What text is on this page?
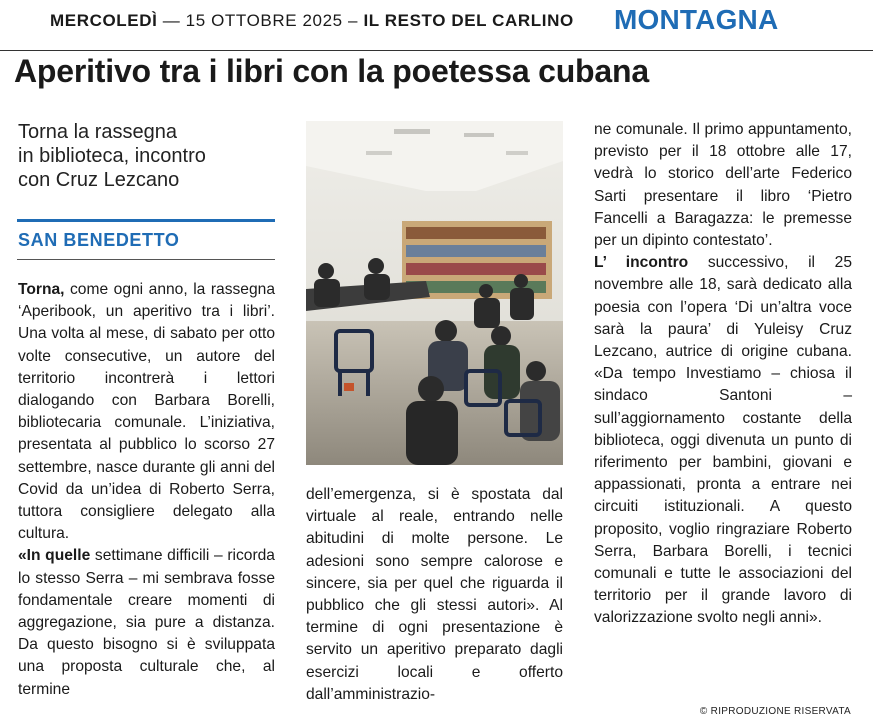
MERCOLEDÌ — 15 OTTOBRE 2025 – IL RESTO DEL CARLINO MONTAGNA
Aperitivo tra i libri con la poetessa cubana
Torna la rassegna
in biblioteca, incontro
con Cruz Lezcano
SAN BENEDETTO

Torna, come ogni anno, la rassegna ‘Aperibook, un aperitivo tra i libri’. Una volta al mese, di sabato per otto volte consecutive, un autore del territorio incontrerà i lettori dialogando con Barbara Borelli, bibliotecaria comunale. L’iniziativa, presentata al pubblico lo scorso 27 settembre, nasce durante gli anni del Covid da un’idea di Roberto Serra, tuttora consigliere delegato alla cultura.

«In quelle settimane difficili – ricorda lo stesso Serra – mi sembrava fosse fondamentale creare momenti di aggregazione, sia pure a distanza. Da questo bisogno si è sviluppata una proposta culturale che, al termine

dell’emergenza, si è spostata dal virtuale al reale, entrando nelle abitudini di molte persone. Le adesioni sono sempre calorose e sincere, sia per quel che riguarda il pubblico che gli stessi autori». Al termine di ogni presentazione è servito un aperitivo preparato dagli esercizi locali e offerto dall’amministrazio-

ne comunale. Il primo appuntamento, previsto per il 18 ottobre alle 17, vedrà lo storico dell’arte Federico Sarti presentare il libro ‘Pietro Fancelli a Baragazza: le premesse per un dipinto contestato’.

L’ incontro successivo, il 25 novembre alle 18, sarà dedicato alla poesia con l’opera ‘Di un’altra voce sarà la paura’ di Yuleisy Cruz Lezcano, autrice di origine cubana. «Da tempo Investiamo – chiosa il sindaco Santoni – sull’aggiornamento costante della biblioteca, oggi divenuta un punto di riferimento per bambini, giovani e appassionati, pronta a entrare nei circuiti istituzionali. A questo proposito, voglio ringraziare Roberto Serra, Barbara Borelli, i tecnici comunali e tutte le associazioni del territorio per il grande lavoro di valorizzazione svolto negli anni».

© RIPRODUZIONE RISERVATA
